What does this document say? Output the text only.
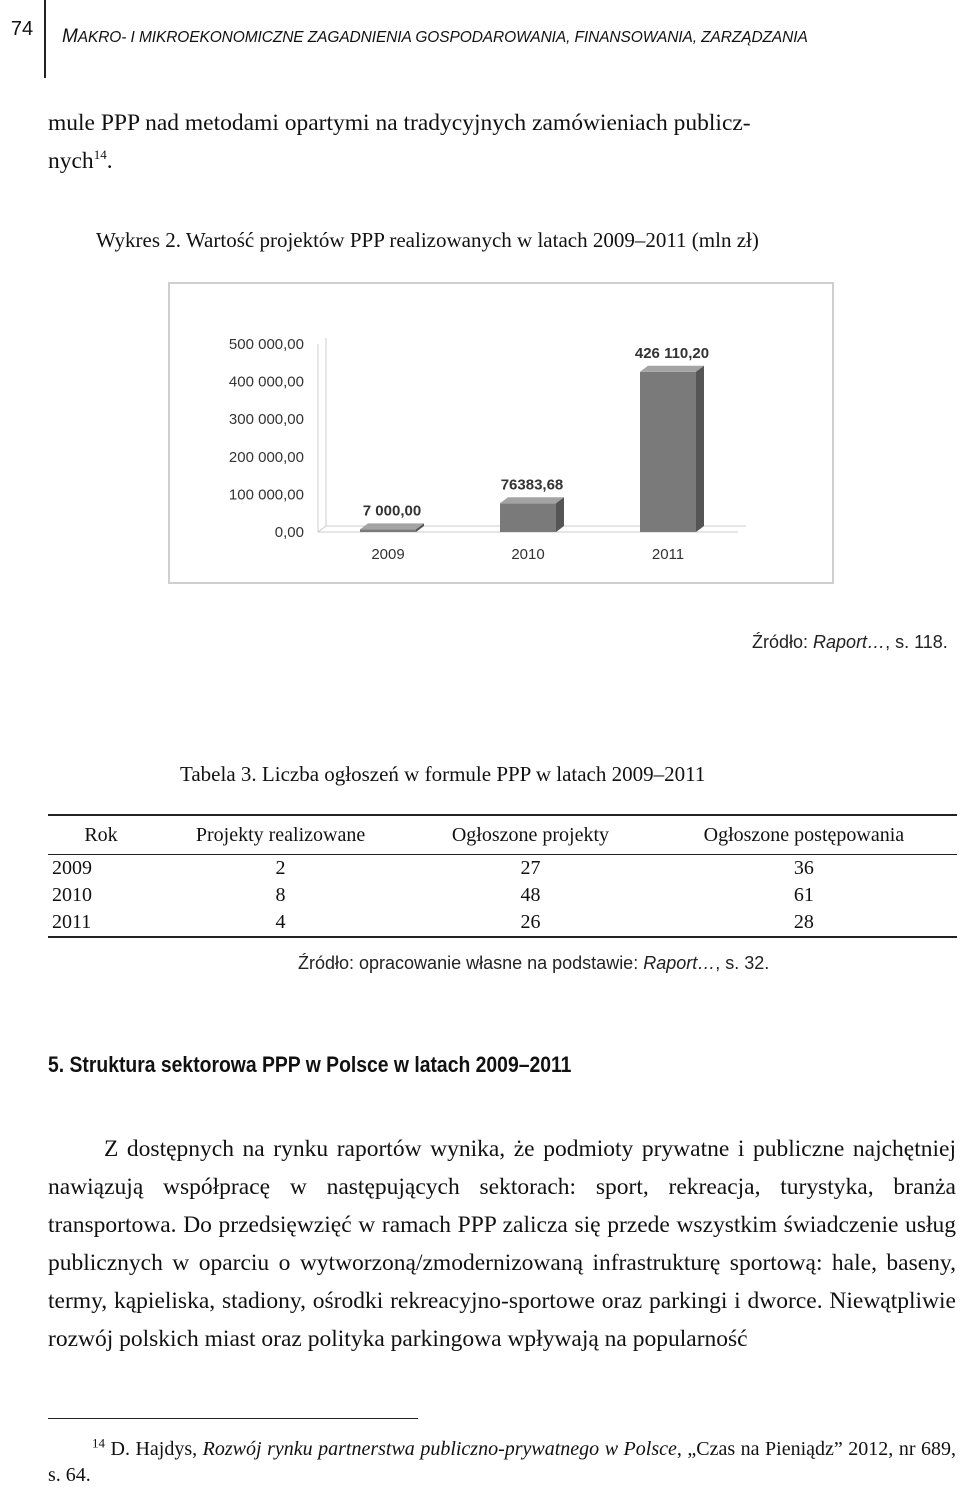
74	MAKRO- I MIKROEKONOMICZNE ZAGADNIENIA GOSPODAROWANIA, FINANSOWANIA, ZARZĄDZANIA
mule PPP nad metodami opartymi na tradycyjnych zamówieniach publicz-
nych$^{14}$.
Wykres 2. Wartość projektów PPP realizowanych w latach 2009–2011 (mln zł)
0,00
100 000,00
200 000,00
300 000,00
400 000,00
500 000,00
7 000,00
2009
76383,68
2010
426 110,20
2011
Źródło: Raport…, s. 118.
Tabela 3. Liczba ogłoszeń w formule PPP w latach 2009–2011
Rok	Projekty realizowane	Ogłoszone projekty	Ogłoszone postępowania
2009	2	27	36
2010	8	48	61
2011	4	26	28
Źródło: opracowanie własne na podstawie: Raport…, s. 32.
5. Struktura sektorowa PPP w Polsce w latach 2009–2011
Z dostępnych na rynku raportów wynika, że podmioty prywatne i publiczne najchętniej nawiązują współpracę w następujących sektorach: sport, rekreacja, turystyka, branża transportowa. Do przedsięwzięć w ramach PPP zalicza się przede wszystkim świadczenie usług publicznych w oparciu o wytworzoną/zmodernizowaną infrastrukturę sportową: hale, baseny, termy, kąpieliska, stadiony, ośrodki rekreacyjno-sportowe oraz parkingi i dworce. Niewątpliwie rozwój polskich miast oraz polityka parkingowa wpływają na popularność
$^{14}$ D. Hajdys, Rozwój rynku partnerstwa publiczno-prywatnego w Polsce, „Czas na Pieniądz” 2012, nr 689, s. 64.
